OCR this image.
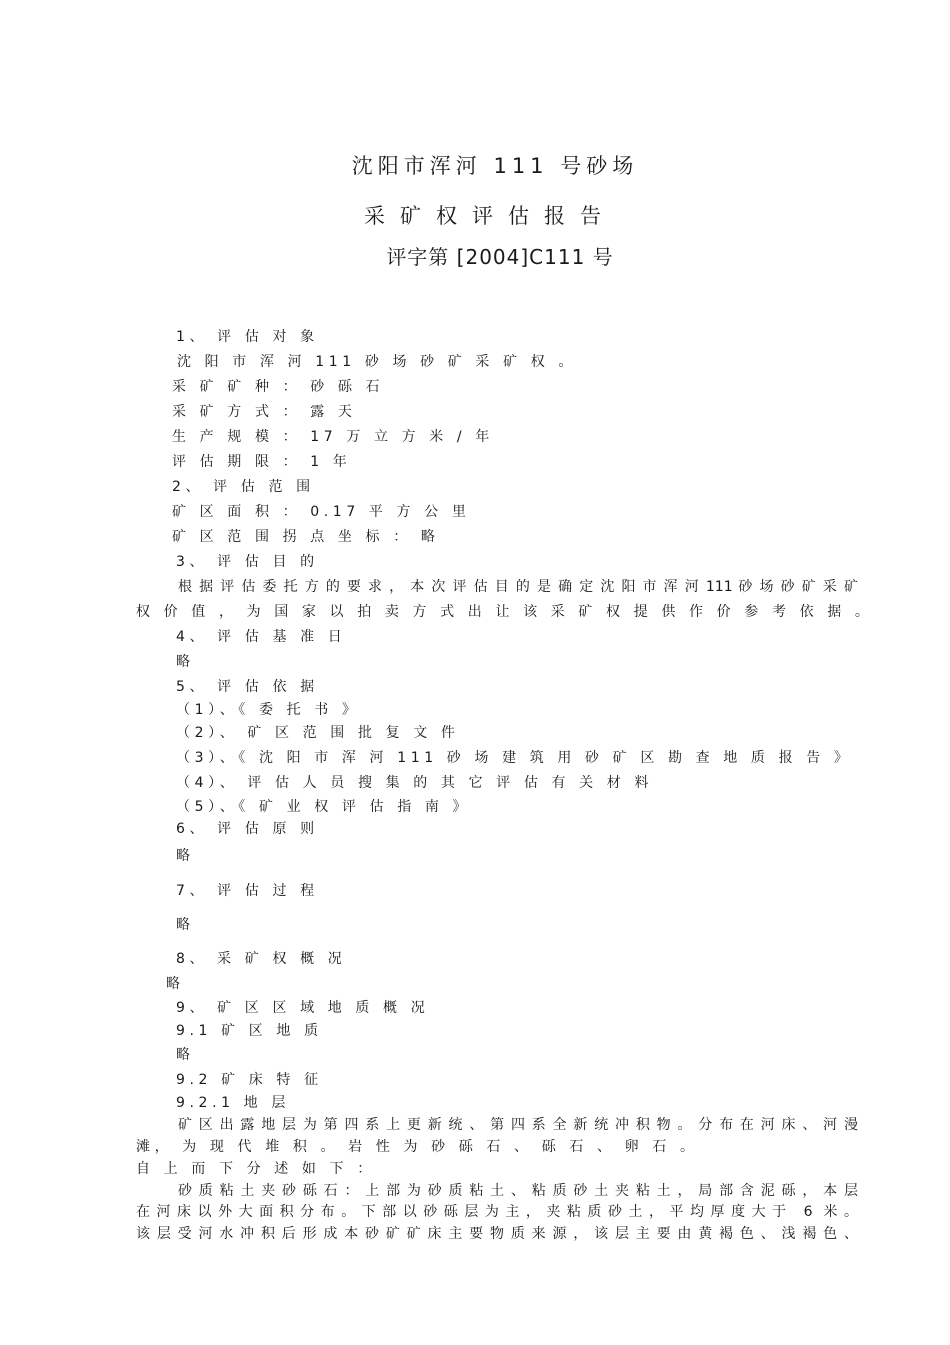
沈阳市浑河 111 号砂场
采矿权评估报告
评字第 [2004]C111 号
1、 评 估 对 象
沈 阳 市 浑 河 111 砂 场 砂 矿 采 矿 权 。
采 矿 矿 种 ： 砂 砾 石
采 矿 方 式 ： 露 天
生 产 规 模 ： 17 万 立 方 米 / 年
评 估 期 限 ： 1 年
2、 评 估 范 围
矿 区 面 积 ： 0.17 平 方 公 里
矿 区 范 围 拐 点 坐 标 ： 略
3、 评 估 目 的
根 据 评 估 委 托 方 的 要 求 ， 本 次 评 估 目 的 是 确 定 沈 阳 市 浑 河 111 砂 场 砂 矿 采 矿
权 价 值 ， 为 国 家 以 拍 卖 方 式 出 让 该 采 矿 权 提 供 作 价 参 考 依 据 。
4、 评 估 基 准 日
略
5、 评 估 依 据
（1）、《 委 托 书 》
（2）、 矿 区 范 围 批 复 文 件
（3）、《 沈 阳 市 浑 河 111 砂 场 建 筑 用 砂 矿 区 勘 查 地 质 报 告 》
（4）、 评 估 人 员 搜 集 的 其 它 评 估 有 关 材 料
（5）、《 矿 业 权 评 估 指 南 》
6、 评 估 原 则
略
7、 评 估 过 程
略
8、 采 矿 权 概 况
略
9、 矿 区 区 域 地 质 概 况
9.1 矿 区 地 质
略
9.2 矿 床 特 征
9.2.1 地 层
矿区出露地层为第四系上更新统、第四系全新统冲积物。分布在河床、河漫
滩， 为 现 代 堆 积 。 岩 性 为 砂 砾 石 、 砾 石 、 卵 石 。
自 上 而 下 分 述 如 下 ：
砂质粘土夹砂砾石：上部为砂质粘土、粘质砂土夹粘土，局部含泥砾，本层
在河床以外大面积分布。下部以砂砾层为主，夹粘质砂土，平均厚度大于 6 米。
该层受河水冲积后形成本砂矿矿床主要物质来源，该层主要由黄褐色、浅褐色、
